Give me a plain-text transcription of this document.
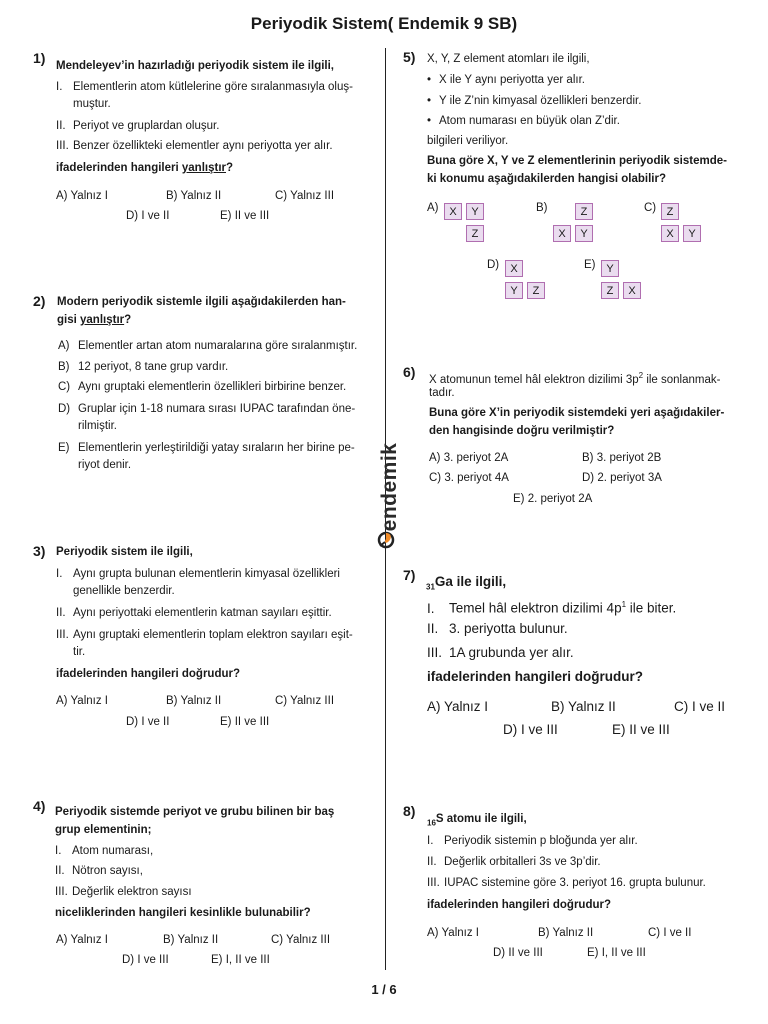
Periyodik Sistem( Endemik 9 SB)
1) Mendeleyev’in hazırladığı periyodik sistem ile ilgili,
I. Elementlerin atom kütlelerine göre sıralanmasıyla oluş-
muştur.
II. Periyot ve gruplardan oluşur.
III. Benzer özellikteki elementler aynı periyotta yer alır.
ifadelerinden hangileri yanlıştır?
A) Yalnız I	B) Yalnız II	C) Yalnız III
D) I ve II	E) II ve III
2) Modern periyodik sistemle ilgili aşağıdakilerden han-
gisi yanlıştır?
A) Elementler artan atom numaralarına göre sıralanmıştır.
B) 12 periyot, 8 tane grup vardır.
C) Aynı gruptaki elementlerin özellikleri birbirine benzer.
D) Gruplar için 1-18 numara sırası IUPAC tarafından öne-
rilmiştir.
E) Elementlerin yerleştirildiği yatay sıraların her birine pe-
riyot denir.
3) Periyodik sistem ile ilgili,
I. Aynı grupta bulunan elementlerin kimyasal özellikleri
genellikle benzerdir.
II. Aynı periyottaki elementlerin katman sayıları eşittir.
III. Aynı gruptaki elementlerin toplam elektron sayıları eşit-
tir.
ifadelerinden hangileri doğrudur?
A) Yalnız I	B) Yalnız II	C) Yalnız III
D) I ve II	E) II ve III
4) Periyodik sistemde periyot ve grubu bilinen bir baş
grup elementinin;
I. Atom numarası,
II. Nötron sayısı,
III. Değerlik elektron sayısı
niceliklerinden hangileri kesinlikle bulunabilir?
A) Yalnız I	B) Yalnız II	C) Yalnız III
D) I ve III	E) I, II ve III
5) X, Y, Z element atomları ile ilgili,
• X ile Y aynı periyotta yer alır.
• Y ile Z’nin kimyasal özellikleri benzerdir.
• Atom numarası en büyük olan Z’dir.
bilgileri veriliyor.
Buna göre X, Y ve Z elementlerinin periyodik sistemde-
ki konumu aşağıdakilerden hangisi olabilir?
A) X	Y
Z
B)	Z
X	Y
C) Z
X	Y
D)	X
Y	Z
E) Y
Z	X
6) X atomunun temel hâl elektron dizilimi $3p^2$ ile sonlanmak-
tadır.
Buna göre X’in periyodik sistemdeki yeri aşağıdakiler-
den hangisinde doğru verilmiştir?
A) 3. periyot 2A	B) 3. periyot 2B
C) 3. periyot 4A	D) 2. periyot 3A
E) 2. periyot 2A
7)
$_{31}$Ga ile ilgili,
I. Temel hâl elektron dizilimi $4p^1$ ile biter.
II. 3. periyotta bulunur.
III. 1A grubunda yer alır.
ifadelerinden hangileri doğrudur?
A) Yalnız I	B) Yalnız II	C) I ve II
D) I ve III	E) II ve III
8)
$_{16}$S atomu ile ilgili,
I. Periyodik sistemin p bloğunda yer alır.
II. Değerlik orbitalleri 3s ve 3p’dir.
III. IUPAC sistemine göre 3. periyot 16. grupta bulunur.
ifadelerinden hangileri doğrudur?
A) Yalnız I	B) Yalnız II	C) I ve II
D) II ve III	E) I, II ve III
endemik
1 / 6
